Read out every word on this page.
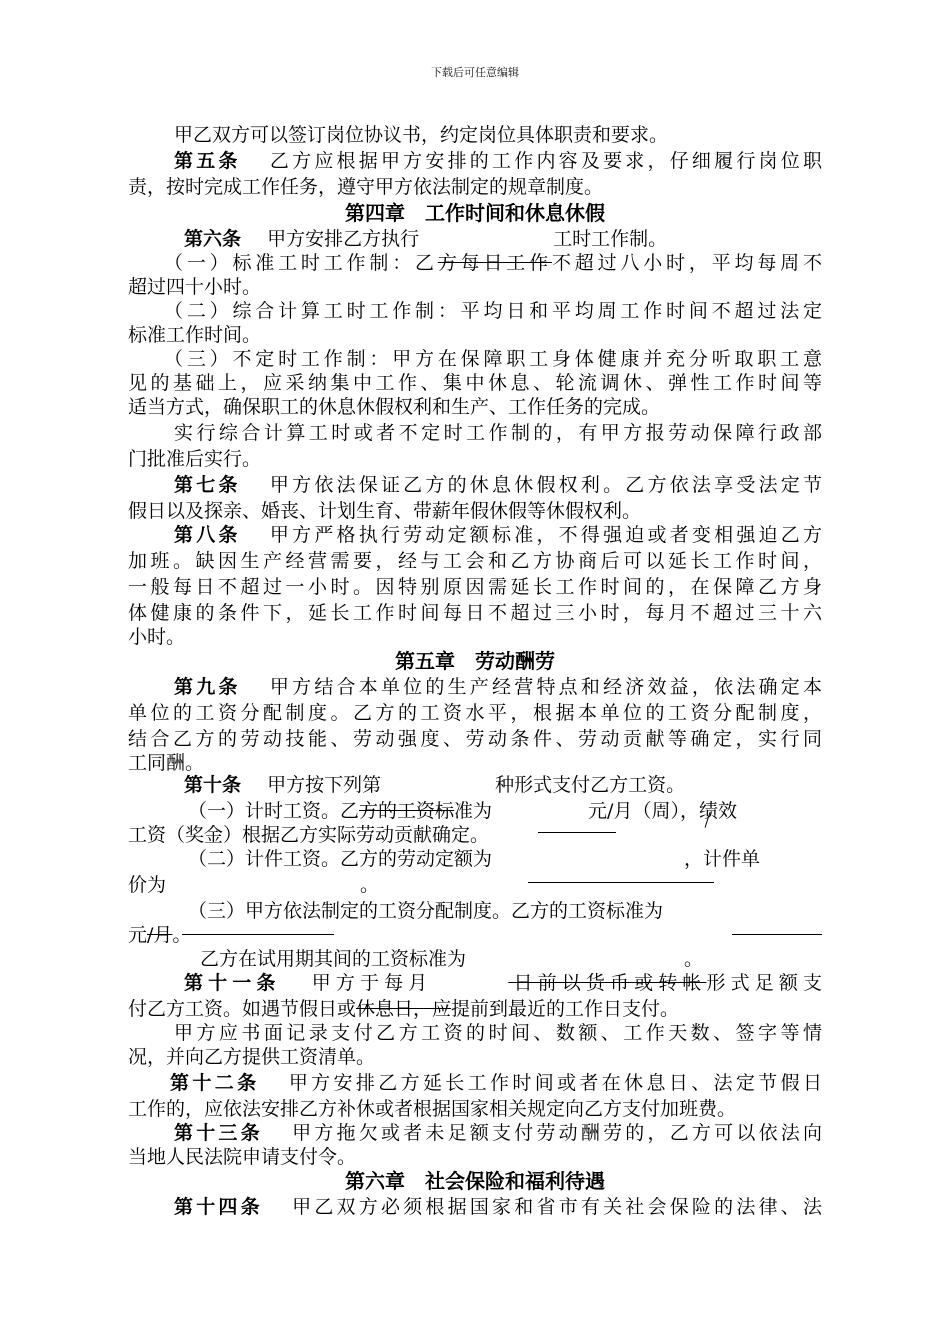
下载后可任意编辑
甲乙双方可以签订岗位协议书，约定岗位具体职责和要求。
第五条 乙方应根据甲方安排的工作内容及要求，仔细履行岗位职
责，按时完成工作任务，遵守甲方依法制定的规章制度。
第四章　工作时间和休息休假
第六条 甲方安排乙方执行	工时工作制。
（一）标准工时工作制：乙方每日工作不超过八小时，平均每周不
超过四十小时。
（二）综合计算工时工作制：平均日和平均周工作时间不超过法定
标准工作时间。
（三）不定时工作制：甲方在保障职工身体健康并充分听取职工意
见的基础上，应采纳集中工作、集中休息、轮流调休、弹性工作时间等
适当方式，确保职工的休息休假权利和生产、工作任务的完成。
实行综合计算工时或者不定时工作制的，有甲方报劳动保障行政部
门批准后实行。
第七条 甲方依法保证乙方的休息休假权利。乙方依法享受法定节
假日以及探亲、婚丧、计划生育、带薪年假休假等休假权利。
第八条 甲方严格执行劳动定额标准，不得强迫或者变相强迫乙方
加班。缺因生产经营需要，经与工会和乙方协商后可以延长工作时间，
一般每日不超过一小时。因特别原因需延长工作时间的，在保障乙方身
体健康的条件下，延长工作时间每日不超过三小时，每月不超过三十六
小时。
第五章　劳动酬劳
第九条 甲方结合本单位的生产经营特点和经济效益，依法确定本
单位的工资分配制度。乙方的工资水平，根据本单位的工资分配制度，
结合乙方的劳动技能、劳动强度、劳动条件、劳动贡献等确定，实行同
工同酬。
第十条 甲方按下列第	种形式支付乙方工资。
（一）计时工资。乙方的工资标准为	元/月（周），绩效
工资（奖金）根据乙方实际劳动贡献确定。
（二）计件工资。乙方的劳动定额为	，计件单
价为	。
（三）甲方依法制定的工资分配制度。乙方的工资标准为
元/月。
乙方在试用期其间的工资标准为	。
第十一条 甲方于每月	日前以货币或转帐形式足额支
付乙方工资。如遇节假日或休息日，应提前到最近的工作日支付。
甲方应书面记录支付乙方工资的时间、数额、工作天数、签字等情
况，并向乙方提供工资清单。
第十二条 甲方安排乙方延长工作时间或者在休息日、法定节假日
工作的，应依法安排乙方补休或者根据国家相关规定向乙方支付加班费。
第十三条 甲方拖欠或者未足额支付劳动酬劳的，乙方可以依法向
当地人民法院申请支付令。
第六章　社会保险和福利待遇
第十四条 甲乙双方必须根据国家和省市有关社会保险的法律、法
